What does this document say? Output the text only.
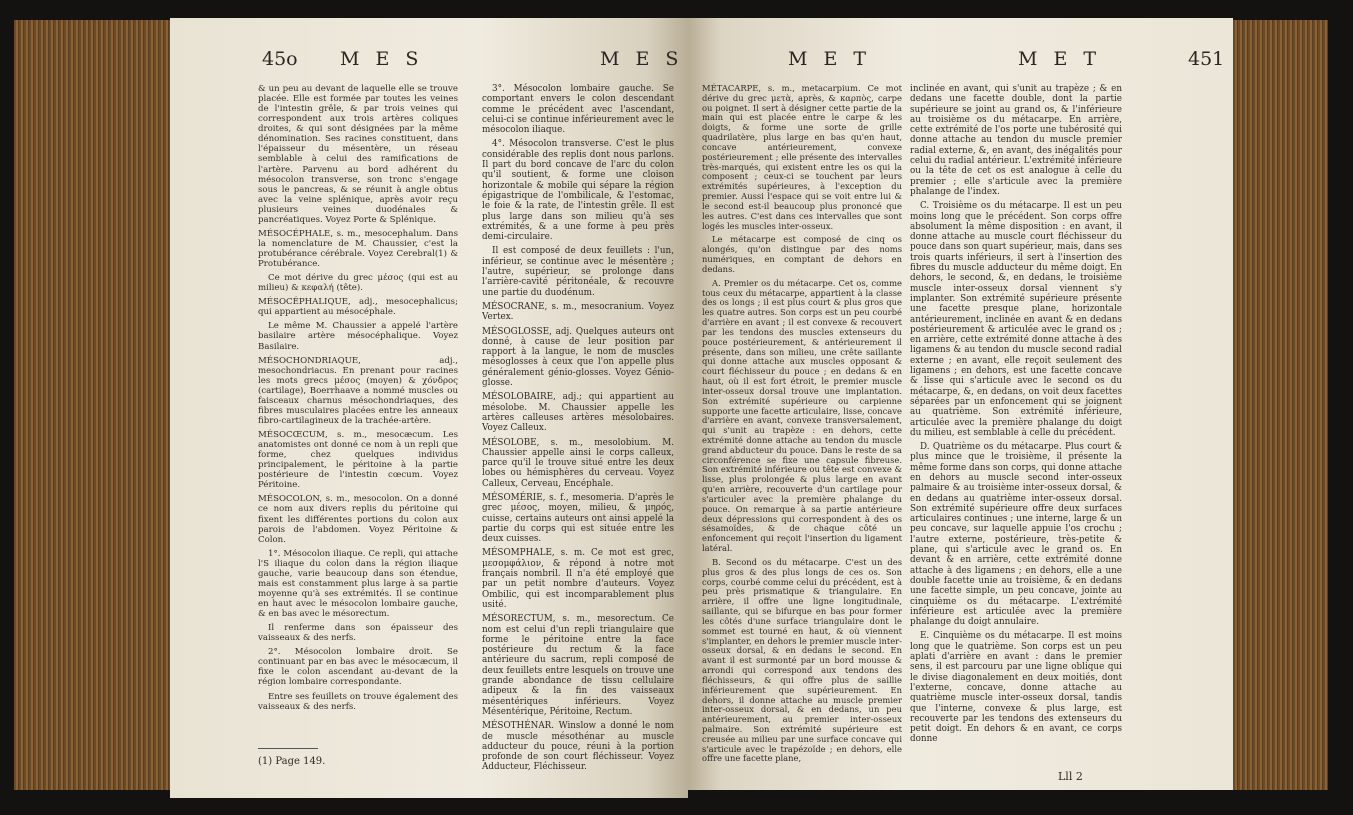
45o M E S	M E S

& un peu au devant de laquelle elle se trouve placée. Elle est formée par toutes les veines de l'intestin grêle, & par trois veines qui correspondent aux trois artères coliques droites, & qui sont désignées par la même dénomination. Ses racines constituent, dans l'épaisseur du mésentère, un réseau semblable à celui des ramifications de l'artère. Parvenu au bord adhérent du mésocolon transverse, son tronc s'engage sous le pancreas, & se réunit à angle obtus avec la veine splénique, après avoir reçu plusieurs veines duodénales & pancréatiques. Voyez Porte & Splénique.

MÉSOCÉPHALE, s. m., mesocephalum. Dans la nomenclature de M. Chaussier, c'est la protubérance cérébrale. Voyez Cerebral(1) & Protubérance.

Ce mot dérive du grec μέσος (qui est au milieu) & κεφαλή (tête).

MÉSOCÉPHALIQUE, adj., mesocephalicus; qui appartient au mésocéphale.

Le même M. Chaussier a appelé l'artère basilaire artère mésocéphalique. Voyez Basilaire.

MÉSOCHONDRIAQUE, adj., mesochondriacus. En prenant pour racines les mots grecs μέσος (moyen) & χόνδρος (cartilage), Boerrhaave a nommé muscles ou faisceaux charnus mésochondriaques, des fibres musculaires placées entre les anneaux fibro-cartilagineux de la trachée-artère.

MÉSOCŒCUM, s. m., mesocæcum. Les anatomistes ont donné ce nom à un repli que forme, chez quelques individus principalement, le péritoine à la partie postérieure de l'intestin cœcum. Voyez Péritoine.

MÉSOCOLON, s. m., mesocolon. On a donné ce nom aux divers replis du péritoine qui fixent les différentes portions du colon aux parois de l'abdomen. Voyez Péritoine & Colon.

1°. Mésocolon iliaque. Ce repli, qui attache l'S iliaque du colon dans la région iliaque gauche, varie beaucoup dans son étendue, mais est constamment plus large à sa partie moyenne qu'à ses extrémités. Il se continue en haut avec le mésocolon lombaire gauche, & en bas avec le mésorectum.

Il renferme dans son épaisseur des vaisseaux & des nerfs.

2°. Mésocolon lombaire droit. Se continuant par en bas avec le mésocæcum, il fixe le colon ascendant au-devant de la région lombaire correspondante.

Entre ses feuillets on trouve également des vaisseaux & des nerfs.

(1) Page 149.

3°. Mésocolon lombaire gauche. Se comportant envers le colon descendant comme le précédent avec l'ascendant, celui-ci se continue inférieurement avec le mésocolon iliaque.

4°. Mésocolon transverse. C'est le plus considérable des replis dont nous parlons. Il part du bord concave de l'arc du colon qu'il soutient, & forme une cloison horizontale & mobile qui sépare la région épigastrique de l'ombilicale, & l'estomac, le foie & la rate, de l'intestin grêle. Il est plus large dans son milieu qu'à ses extrémités, & a une forme à peu près demi-circulaire.

Il est composé de deux feuillets : l'un, inférieur, se continue avec le mésentère ; l'autre, supérieur, se prolonge dans l'arrière-cavité péritonéale, & recouvre une partie du duodénum.

MÉSOCRANE, s. m., mesocranium. Voyez Vertex.

MÉSOGLOSSE, adj. Quelques auteurs ont donné, à cause de leur position par rapport à la langue, le nom de muscles mésoglosses à ceux que l'on appelle plus généralement génio-glosses. Voyez Génio-glosse.

MÉSOLOBAIRE, adj.; qui appartient au mésolobe. M. Chaussier appelle les artères calleuses artères mésolobaires. Voyez Calleux.

MÉSOLOBE, s. m., mesolobium. M. Chaussier appelle ainsi le corps calleux, parce qu'il le trouve situé entre les deux lobes ou hémisphères du cerveau. Voyez Calleux, Cerveau, Encéphale.

MÉSOMÉRIE, s. f., mesomeria. D'après le grec μέσος, moyen, milieu, & μηρός, cuisse, certains auteurs ont ainsi appelé la partie du corps qui est située entre les deux cuisses.

MÉSOMPHALE, s. m. Ce mot est grec, μεσομφάλιον, & répond à notre mot français nombril. Il n'a été employé que par un petit nombre d'auteurs. Voyez Ombilic, qui est incomparablement plus usité.

MÉSORECTUM, s. m., mesorectum. Ce nom est celui d'un repli triangulaire que forme le péritoine entre la face postérieure du rectum & la face antérieure du sacrum, repli composé de deux feuillets entre lesquels on trouve une grande abondance de tissu cellulaire adipeux & la fin des vaisseaux mésentériques inférieurs. Voyez Mésentérique, Péritoine, Rectum.

MÉSOTHÉNAR. Winslow a donné le nom de muscle mésothénar au muscle adducteur du pouce, réuni à la portion profonde de son court fléchisseur. Voyez Adducteur, Fléchisseur.

M E T	M E T	451

MÉTACARPE, s. m., metacarpium. Ce mot dérive du grec μετὰ, après, & καρπὸς, carpe ou poignet. Il sert à désigner cette partie de la main qui est placée entre le carpe & les doigts, & forme une sorte de grille quadrilatère, plus large en bas qu'en haut, concave antérieurement, convexe postérieurement ; elle présente des intervalles très-marqués, qui existent entre les os qui la composent ; ceux-ci se touchent par leurs extrémités supérieures, à l'exception du premier. Aussi l'espace qui se voit entre lui & le second est-il beaucoup plus prononcé que les autres. C'est dans ces intervalles que sont logés les muscles inter-osseux.

Le métacarpe est composé de cinq os alongés, qu'on distingue par des noms numériques, en comptant de dehors en dedans.

A. Premier os du métacarpe. Cet os, comme tous ceux du métacarpe, appartient à la classe des os longs ; il est plus court & plus gros que les quatre autres. Son corps est un peu courbé d'arrière en avant ; il est convexe & recouvert par les tendons des muscles extenseurs du pouce postérieurement, & antérieurement il présente, dans son milieu, une crête saillante qui donne attache aux muscles opposant & court fléchisseur du pouce ; en dedans & en haut, où il est fort étroit, le premier muscle inter-osseux dorsal trouve une implantation. Son extrémité supérieure ou carpienne supporte une facette articulaire, lisse, concave d'arrière en avant, convexe transversalement, qui s'unit au trapèze : en dehors, cette extrémité donne attache au tendon du muscle grand abducteur du pouce. Dans le reste de sa circonférence se fixe une capsule fibreuse. Son extrémité inférieure ou tête est convexe & lisse, plus prolongée & plus large en avant qu'en arrière, recouverte d'un cartilage pour s'articuler avec la première phalange du pouce. On remarque à sa partie antérieure deux dépressions qui correspondent à des os sésamoïdes, & de chaque côté un enfoncement qui reçoit l'insertion du ligament latéral.

B. Second os du métacarpe. C'est un des plus gros & des plus longs de ces os. Son corps, courbé comme celui du précédent, est à peu près prismatique & triangulaire. En arrière, il offre une ligne longitudinale, saillante, qui se bifurque en bas pour former les côtés d'une surface triangulaire dont le sommet est tourné en haut, & où viennent s'implanter, en dehors le premier muscle inter-osseux dorsal, & en dedans le second. En avant il est surmonté par un bord mousse & arrondi qui correspond aux tendons des fléchisseurs, & qui offre plus de saillie inférieurement que supérieurement. En dehors, il donne attache au muscle premier inter-osseux dorsal, & en dedans, un peu antérieurement, au premier inter-osseux palmaire. Son extrémité supérieure est creusée au milieu par une surface concave qui s'articule avec le trapézoïde ; en dehors, elle offre une facette plane,

inclinée en avant, qui s'unit au trapèze ; & en dedans une facette double, dont la partie supérieure se joint au grand os, & l'inférieure au troisième os du métacarpe. En arrière, cette extrémité de l'os porte une tubérosité qui donne attache au tendon du muscle premier radial externe, &, en avant, des inégalités pour celui du radial antérieur. L'extrémité inférieure ou la tête de cet os est analogue à celle du premier ; elle s'articule avec la première phalange de l'index.

C. Troisième os du métacarpe. Il est un peu moins long que le précédent. Son corps offre absolument la même disposition : en avant, il donne attache au muscle court fléchisseur du pouce dans son quart supérieur, mais, dans ses trois quarts inférieurs, il sert à l'insertion des fibres du muscle adducteur du même doigt. En dehors, le second, &, en dedans, le troisième muscle inter-osseux dorsal viennent s'y implanter. Son extrémité supérieure présente une facette presque plane, horizontale antérieurement, inclinée en avant & en dedans postérieurement & articulée avec le grand os ; en arrière, cette extrémité donne attache à des ligamens & au tendon du muscle second radial externe ; en avant, elle reçoit seulement des ligamens ; en dehors, est une facette concave & lisse qui s'articule avec le second os du métacarpe, &, en dedans, on voit deux facettes séparées par un enfoncement qui se joignent au quatrième. Son extrémité inférieure, articulée avec la première phalange du doigt du milieu, est semblable à celle du précédent.

D. Quatrième os du métacarpe. Plus court & plus mince que le troisième, il présente la même forme dans son corps, qui donne attache en dehors au muscle second inter-osseux palmaire & au troisième inter-osseux dorsal, & en dedans au quatrième inter-osseux dorsal. Son extrémité supérieure offre deux surfaces articulaires continues ; une interne, large & un peu concave, sur laquelle appuie l'os crochu ; l'autre externe, postérieure, très-petite & plane, qui s'articule avec le grand os. En devant & en arrière, cette extrémité donne attache à des ligamens ; en dehors, elle a une double facette unie au troisième, & en dedans une facette simple, un peu concave, jointe au cinquième os du métacarpe. L'extrémité inférieure est articulée avec la première phalange du doigt annulaire.

E. Cinquième os du métacarpe. Il est moins long que le quatrième. Son corps est un peu aplati d'arrière en avant : dans le premier sens, il est parcouru par une ligne oblique qui le divise diagonalement en deux moitiés, dont l'externe, concave, donne attache au quatrième muscle inter-osseux dorsal, tandis que l'interne, convexe & plus large, est recouverte par les tendons des extenseurs du petit doigt. En dehors & en avant, ce corps donne

Lll 2
